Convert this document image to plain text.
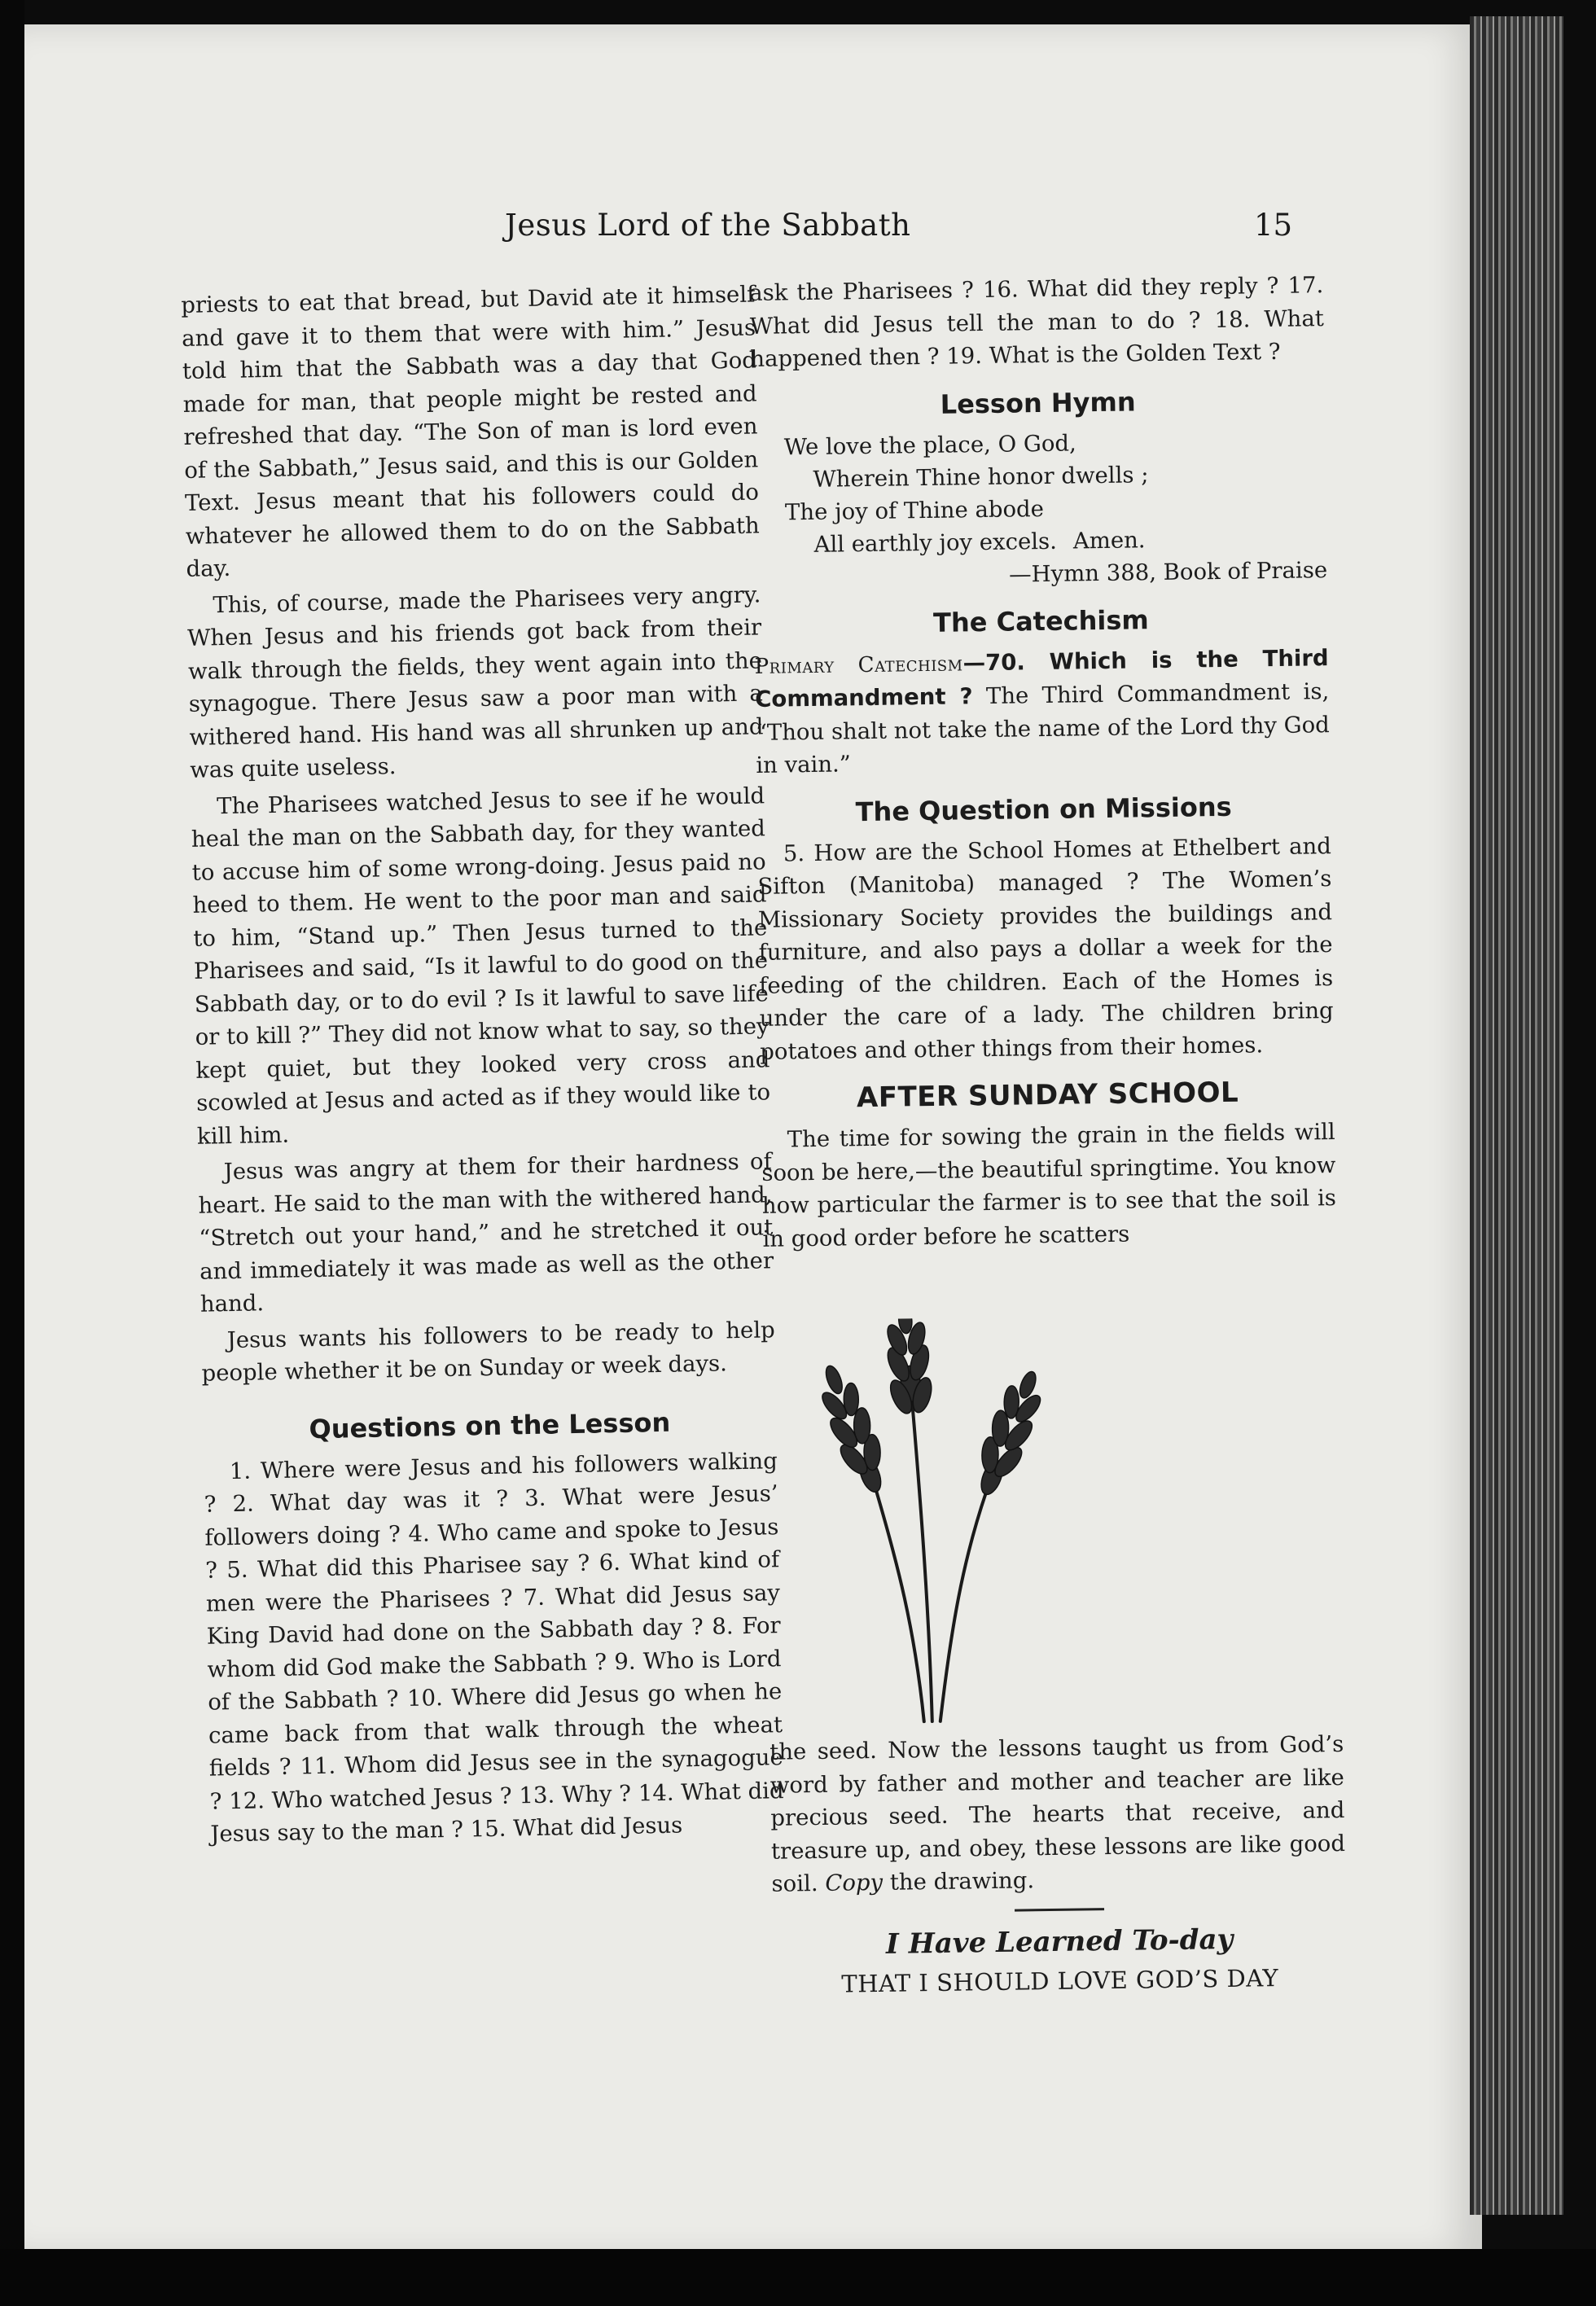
Jesus Lord of the Sabbath	15

priests to eat that bread, but David ate it himself and gave it to them that were with him.” Jesus told him that the Sabbath was a day that God made for man, that people might be rested and refreshed that day. “The Son of man is lord even of the Sabbath,” Jesus said, and this is our Golden Text. Jesus meant that his followers could do whatever he allowed them to do on the Sabbath day.

This, of course, made the Pharisees very angry. When Jesus and his friends got back from their walk through the fields, they went again into the synagogue. There Jesus saw a poor man with a withered hand. His hand was all shrunken up and was quite useless.

The Pharisees watched Jesus to see if he would heal the man on the Sabbath day, for they wanted to accuse him of some wrong-doing. Jesus paid no heed to them. He went to the poor man and said to him, “Stand up.” Then Jesus turned to the Pharisees and said, “Is it lawful to do good on the Sabbath day, or to do evil ? Is it lawful to save life or to kill ?” They did not know what to say, so they kept quiet, but they looked very cross and scowled at Jesus and acted as if they would like to kill him.

Jesus was angry at them for their hardness of heart. He said to the man with the withered hand, “Stretch out your hand,” and he stretched it out and immediately it was made as well as the other hand.

Jesus wants his followers to be ready to help people whether it be on Sunday or week days.

Questions on the Lesson

1. Where were Jesus and his followers walking ? 2. What day was it ? 3. What were Jesus’ followers doing ? 4. Who came and spoke to Jesus ? 5. What did this Pharisee say ? 6. What kind of men were the Pharisees ? 7. What did Jesus say King David had done on the Sabbath day ? 8. For whom did God make the Sabbath ? 9. Who is Lord of the Sabbath ? 10. Where did Jesus go when he came back from that walk through the wheat fields ? 11. Whom did Jesus see in the synagogue ? 12. Who watched Jesus ? 13. Why ? 14. What did Jesus say to the man ? 15. What did Jesus

ask the Pharisees ? 16. What did they reply ? 17. What did Jesus tell the man to do ? 18. What happened then ? 19. What is the Golden Text ?

Lesson Hymn
We love the place, O God,
Wherein Thine honor dwells ;
The joy of Thine abode
All earthly joy excels. Amen.
—Hymn 388, Book of Praise
The Catechism

Primary Catechism—70. Which is the Third Commandment ? The Third Commandment is, “Thou shalt not take the name of the Lord thy God in vain.”

The Question on Missions

5. How are the School Homes at Ethelbert and Sifton (Manitoba) managed ? The Women’s Missionary Society provides the buildings and furniture, and also pays a dollar a week for the feeding of the children. Each of the Homes is under the care of a lady. The children bring potatoes and other things from their homes.

AFTER SUNDAY SCHOOL

The time for sowing the grain in the fields will soon be here,—the beautiful springtime. You know how particular the farmer is to see that the soil is in good order before he scatters

the seed. Now the lessons taught us from God’s word by father and mother and teacher are like precious seed. The hearts that receive, and treasure up, and obey, these lessons are like good soil. Copy the drawing.

I Have Learned To-day
THAT I SHOULD LOVE GOD’S DAY
